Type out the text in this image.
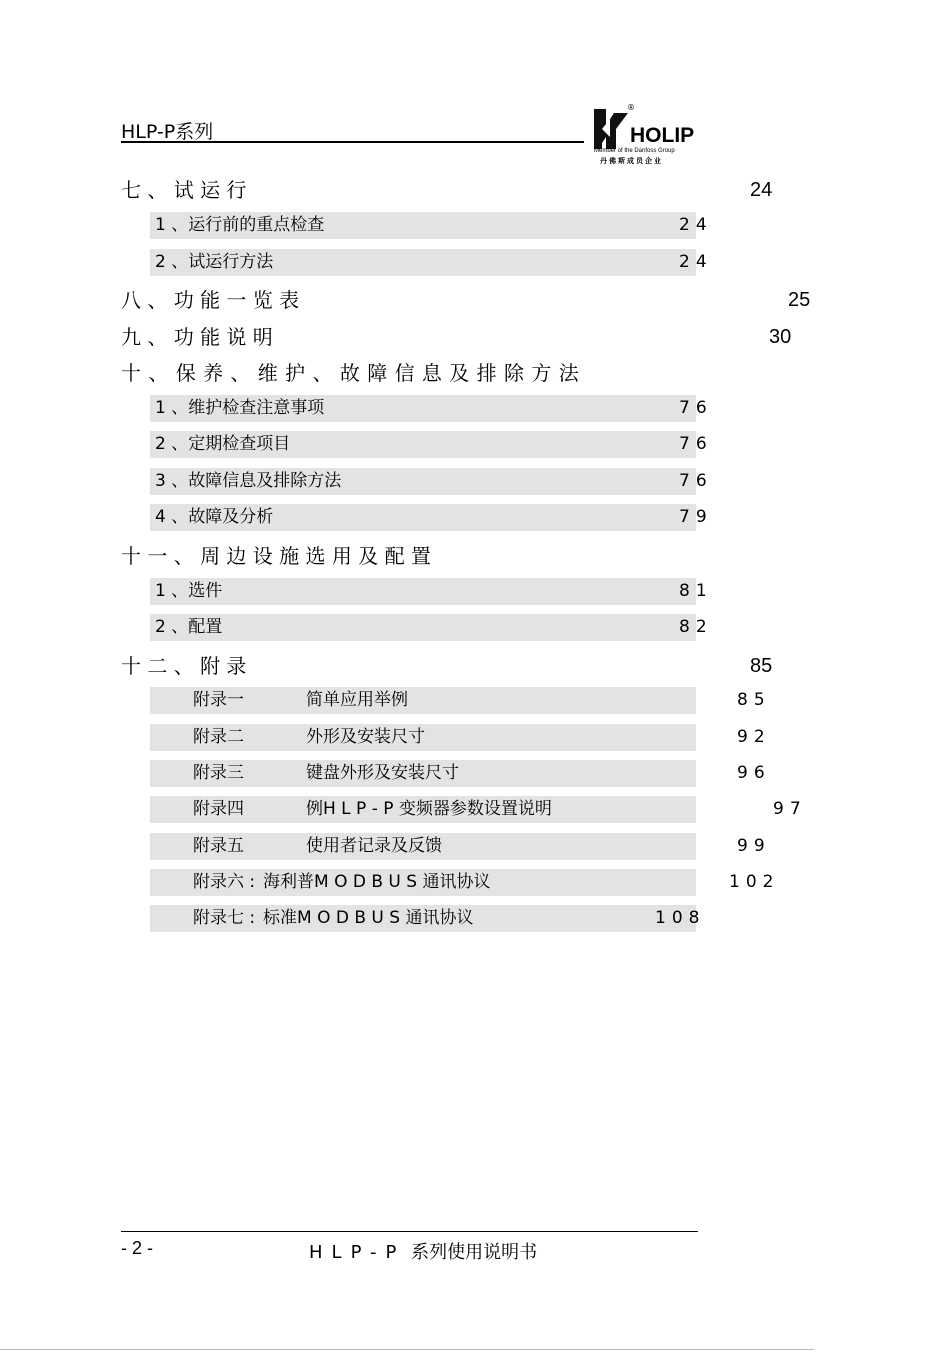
HLP-P系列
®
HOLIP
Member of the Danfoss Group
丹佛斯成员企业
七 、 试 运 行	24
1 、运行前的重点检查	24
2 、试运行方法	24
八 、 功 能 一 览 表	25
九 、 功 能 说 明	30
十 、 保 养 、 维 护 、 故 障 信 息 及 排 除 方 法
1 、维护检查注意事项	76
2 、定期检查项目	76
3 、故障信息及排除方法	76
4 、故障及分析	79
十 一 、 周 边 设 施 选 用 及 配 置
1 、选件	81
2 、配置	82
十 二 、 附 录	85
附录一	简单应用举例	85
附录二	外形及安装尺寸	92
附录三	键盘外形及安装尺寸	96
附录四	例H L P - P 变频器参数设置说明	97
附录五	使用者记录及反馈	99
附录六 : 海利普M O D B U S 通讯协议	102
附录七 : 标准M O D B U S 通讯协议	108
- 2 -	HLP-P 系列使用说明书
